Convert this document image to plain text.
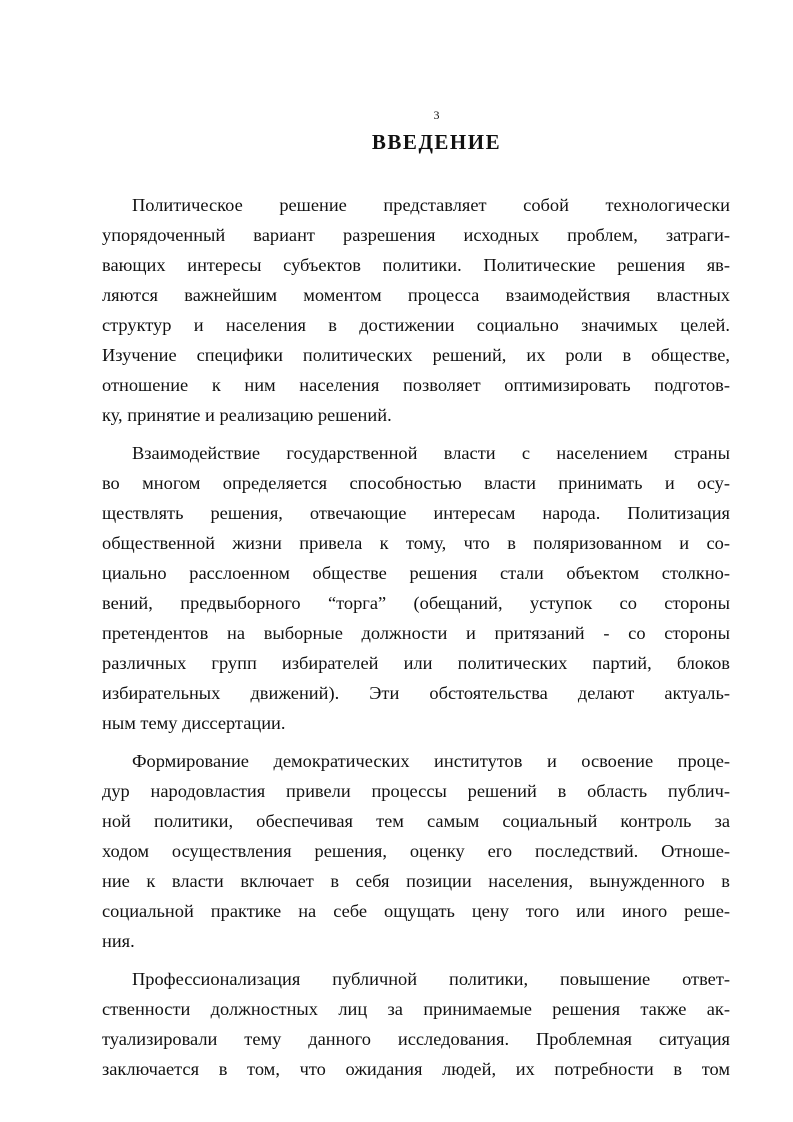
3
ВВЕДЕНИЕ
Политическое решение представляет собой технологически
упорядоченный вариант разрешения исходных проблем, затраги-
вающих интересы субъектов политики. Политические решения яв-
ляются важнейшим моментом процесса взаимодействия властных
структур и населения в достижении социально значимых целей.
Изучение специфики политических решений, их роли в обществе,
отношение к ним населения позволяет оптимизировать подготов-
ку, принятие и реализацию решений.
Взаимодействие государственной власти с населением страны
во многом определяется способностью власти принимать и осу-
ществлять решения, отвечающие интересам народа. Политизация
общественной жизни привела к тому, что в поляризованном и со-
циально расслоенном обществе решения стали объектом столкно-
вений, предвыборного “торга” (обещаний, уступок со стороны
претендентов на выборные должности и притязаний - со стороны
различных групп избирателей или политических партий, блоков
избирательных движений). Эти обстоятельства делают актуаль-
ным тему диссертации.
Формирование демократических институтов и освоение проце-
дур народовластия привели процессы решений в область публич-
ной политики, обеспечивая тем самым социальный контроль за
ходом осуществления решения, оценку его последствий. Отноше-
ние к власти включает в себя позиции населения, вынужденного в
социальной практике на себе ощущать цену того или иного реше-
ния.
Профессионализация публичной политики, повышение ответ-
ственности должностных лиц за принимаемые решения также ак-
туализировали тему данного исследования. Проблемная ситуация
заключается в том, что ожидания людей, их потребности в том
